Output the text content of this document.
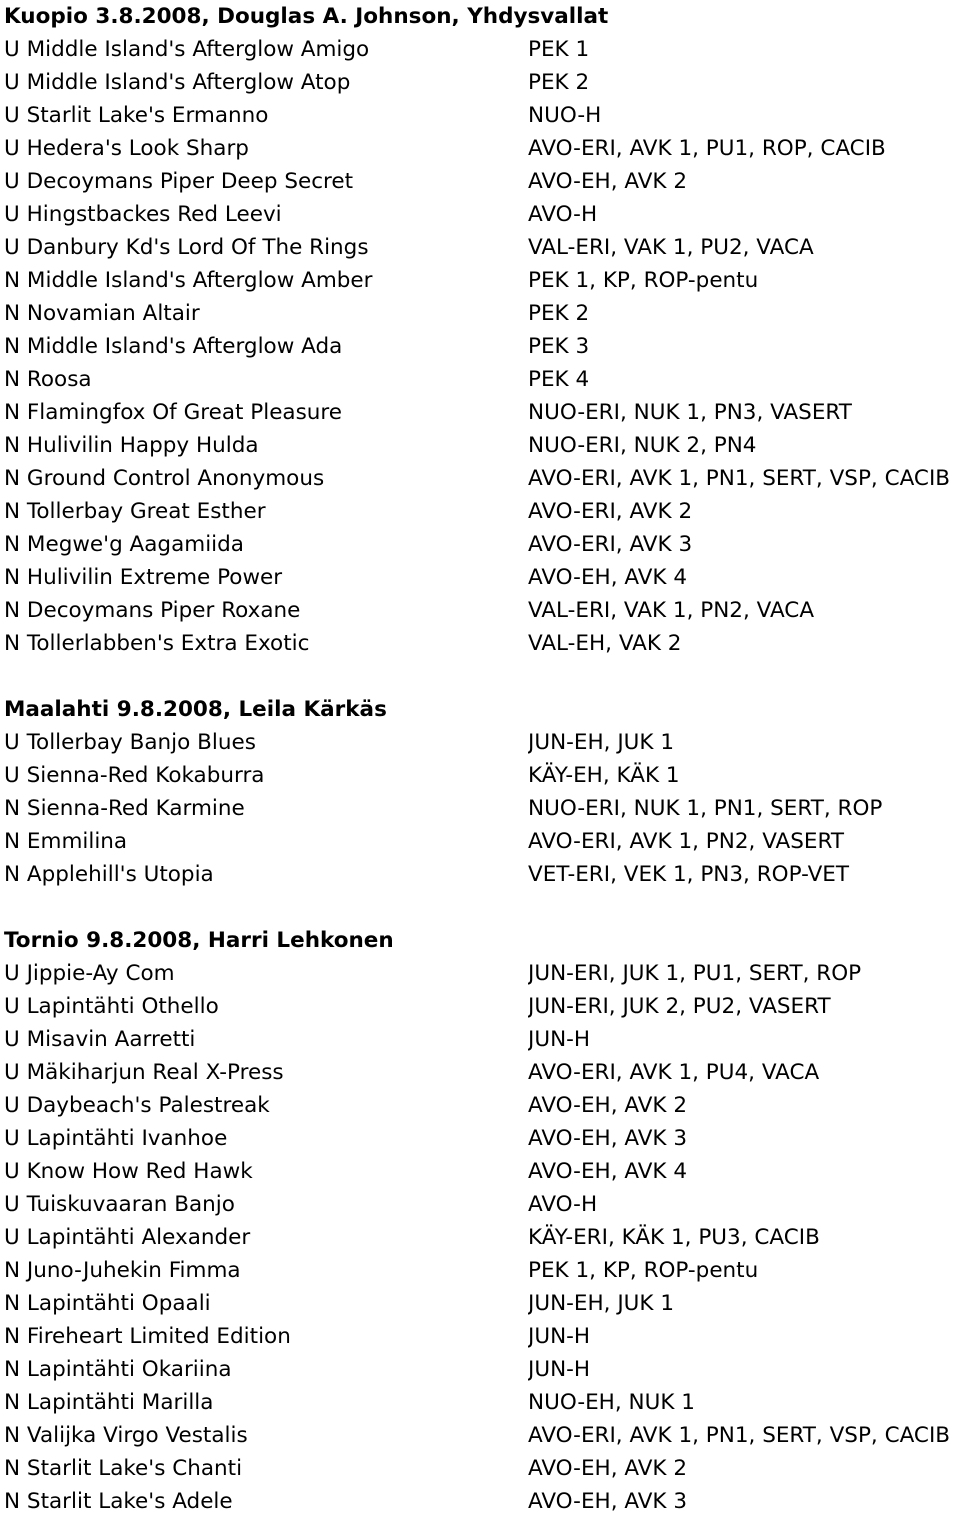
Kuopio 3.8.2008, Douglas A. Johnson, Yhdysvallat
U Middle Island's Afterglow Amigo	PEK 1
U Middle Island's Afterglow Atop	PEK 2
U Starlit Lake's Ermanno	NUO-H
U Hedera's Look Sharp	AVO-ERI, AVK 1, PU1, ROP, CACIB
U Decoymans Piper Deep Secret	AVO-EH, AVK 2
U Hingstbackes Red Leevi	AVO-H
U Danbury Kd's Lord Of The Rings	VAL-ERI, VAK 1, PU2, VACA
N Middle Island's Afterglow Amber	PEK 1, KP, ROP-pentu
N Novamian Altair	PEK 2
N Middle Island's Afterglow Ada	PEK 3
N Roosa	PEK 4
N Flamingfox Of Great Pleasure	NUO-ERI, NUK 1, PN3, VASERT
N Hulivilin Happy Hulda	NUO-ERI, NUK 2, PN4
N Ground Control Anonymous	AVO-ERI, AVK 1, PN1, SERT, VSP, CACIB
N Tollerbay Great Esther	AVO-ERI, AVK 2
N Megwe'g Aagamiida	AVO-ERI, AVK 3
N Hulivilin Extreme Power	AVO-EH, AVK 4
N Decoymans Piper Roxane	VAL-ERI, VAK 1, PN2, VACA
N Tollerlabben's Extra Exotic	VAL-EH, VAK 2
Maalahti 9.8.2008, Leila Kärkäs
U Tollerbay Banjo Blues	JUN-EH, JUK 1
U Sienna-Red Kokaburra	KÄY-EH, KÄK 1
N Sienna-Red Karmine	NUO-ERI, NUK 1, PN1, SERT, ROP
N Emmilina	AVO-ERI, AVK 1, PN2, VASERT
N Applehill's Utopia	VET-ERI, VEK 1, PN3, ROP-VET
Tornio 9.8.2008, Harri Lehkonen
U Jippie-Ay Com	JUN-ERI, JUK 1, PU1, SERT, ROP
U Lapintähti Othello	JUN-ERI, JUK 2, PU2, VASERT
U Misavin Aarretti	JUN-H
U Mäkiharjun Real X-Press	AVO-ERI, AVK 1, PU4, VACA
U Daybeach's Palestreak	AVO-EH, AVK 2
U Lapintähti Ivanhoe	AVO-EH, AVK 3
U Know How Red Hawk	AVO-EH, AVK 4
U Tuiskuvaaran Banjo	AVO-H
U Lapintähti Alexander	KÄY-ERI, KÄK 1, PU3, CACIB
N Juno-Juhekin Fimma	PEK 1, KP, ROP-pentu
N Lapintähti Opaali	JUN-EH, JUK 1
N Fireheart Limited Edition	JUN-H
N Lapintähti Okariina	JUN-H
N Lapintähti Marilla	NUO-EH, NUK 1
N Valijka Virgo Vestalis	AVO-ERI, AVK 1, PN1, SERT, VSP, CACIB
N Starlit Lake's Chanti	AVO-EH, AVK 2
N Starlit Lake's Adele	AVO-EH, AVK 3
